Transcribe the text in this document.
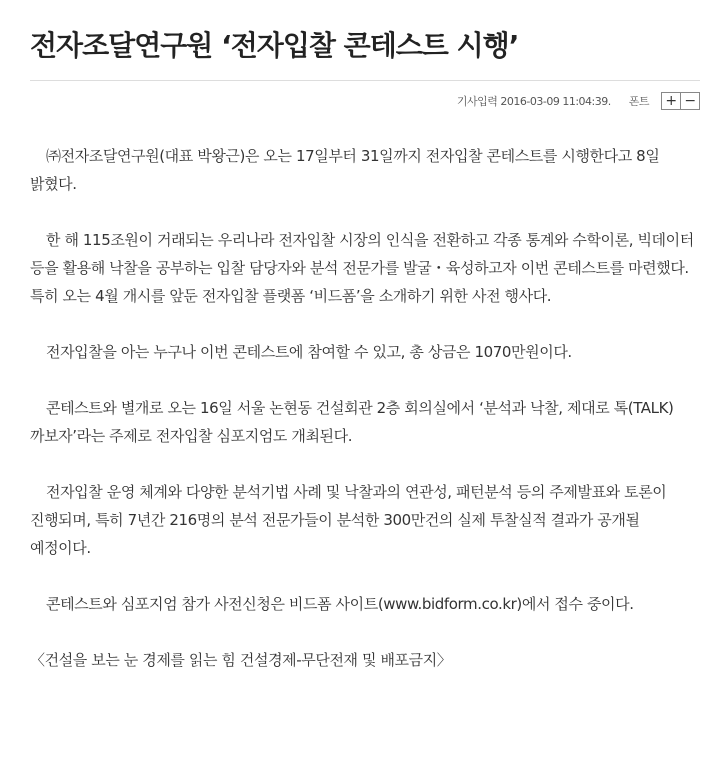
전자조달연구원 ‘전자입찰 콘테스트 시행’
기사입력 2016-03-09 11:04:39. 폰트 + −

㈜전자조달연구원(대표 박왕근)은 오는 17일부터 31일까지 전자입찰 콘테스트를 시행한다고 8일 밝혔다.

한 해 115조원이 거래되는 우리나라 전자입찰 시장의 인식을 전환하고 각종 통계와 수학이론, 빅데이터 등을 활용해 낙찰을 공부하는 입찰 담당자와 분석 전문가를 발굴・육성하고자 이번 콘테스트를 마련했다. 특히 오는 4월 개시를 앞둔 전자입찰 플랫폼 ‘비드폼’을 소개하기 위한 사전 행사다.

전자입찰을 아는 누구나 이번 콘테스트에 참여할 수 있고, 총 상금은 1070만원이다.

콘테스트와 별개로 오는 16일 서울 논현동 건설회관 2층 회의실에서 ‘분석과 낙찰, 제대로 톡(TALK) 까보자’라는 주제로 전자입찰 심포지엄도 개최된다.

전자입찰 운영 체계와 다양한 분석기법 사례 및 낙찰과의 연관성, 패턴분석 등의 주제발표와 토론이 진행되며, 특히 7년간 216명의 분석 전문가들이 분석한 300만건의 실제 투찰실적 결과가 공개될 예정이다.

콘테스트와 심포지엄 참가 사전신청은 비드폼 사이트(www.bidform.co.kr)에서 접수 중이다.

〈건설을 보는 눈 경제를 읽는 힘 건설경제-무단전재 및 배포금지〉
